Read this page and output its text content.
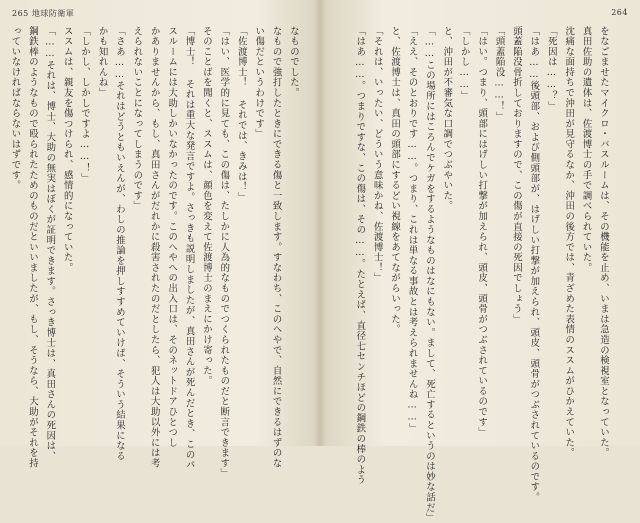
265 地球防衛軍
なものでした。
なもので強打したときにできる傷と一致します。すなわち、このへやで、自然にできるはずのな
い傷だというわけです」
「佐渡博士！ それでは、きみは！」
「はい、医学的に見ても、この傷は、たしかに人為的なものでつくられたものだと断言できます」
そのことばを聞くと、ススムは、顔色を変えて佐渡博士のまえにかけ寄った。
「博士！ それは重大な発言ですよ。さっきも説明しましたが、真田さんが死んだとき、このパ
スルームには大助しかいなかったのです。このへやへの出入口は、そのネットドアひとつし
かありませんから、もし、真田さんがだれかに殺害されたのだとしたら、犯人は大助以外には考
えられないことになってしまうのです」
「さあ……それはどうともいえんが、わしの推論を押しすすめていけば、そういう結果になる
かも知れんね」
「しかし、しかしですよ……！」
ススムは、親友を傷つけられ、感情的になっていた。
「……それは、博士、大助の無実はぼくが証明できます。さっき博士は、真田さんの死因は、
鋼鉄棒のようなもので殴られたためのものだといいましたが、もし、そうなら、大助がそれを持
っていなければならないはずです。
264
をなごませたマイクロ・バスルームは、その機能を止め、いまは急造の検視室となっていた。
真田佐助の遺体は、佐渡博士の手で調べられていた。
沈痛な面持ちで沖田が見守るなか、沖田の後方では、青ざめた表情のススムがひかえていた。
「死因は……？」
「はあ……後頭部、および側頭部が、はげしい打撃が加えられ、頭皮、頭骨がつぶされているのです。
頭蓋陥没骨折しておりますので、この傷が直接の死因でしょう」
「頭蓋陥没……！」
「はい。つまり、頭部にはげしい打撃が加えられ、頭皮、頭骨がつぶされているのです」
「しかし……」
と、沖田が不審気な口調でつぶやいた。
「……この場所にはころんでケガをするようなものはなにもない。まして、死亡するというのは妙な話だ」
「ええ、そのとおりです……。つまり、これは単なる事故とは考えられませんね……」
と、佐渡博士は、真田の頭部にするどい視線をあてながらいった。
「それは、いったい、どういう意味かね、佐渡博士！」
「はあ……。つまりですな、この傷は、その……。たとえば、直径七センチほどの鋼鉄の棒のよう
